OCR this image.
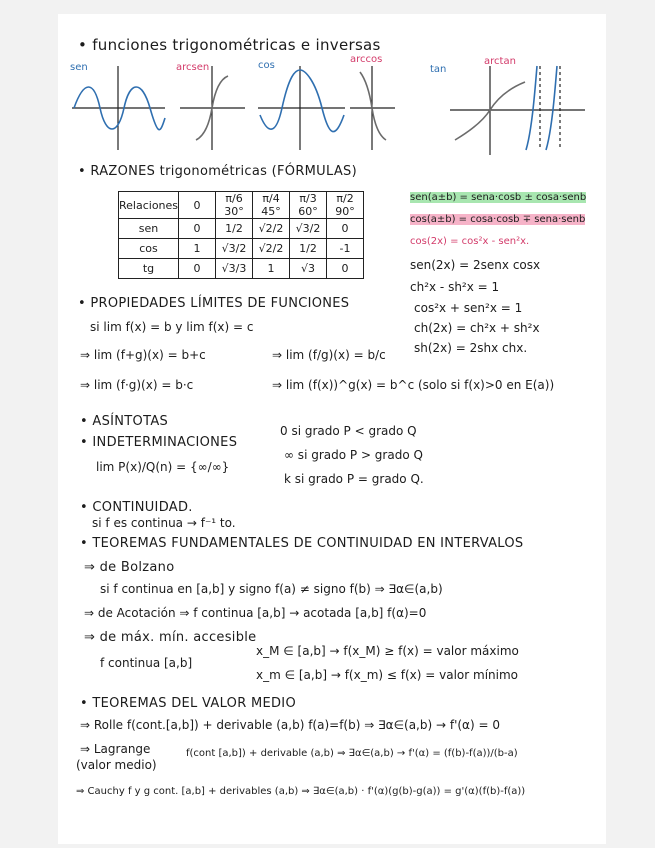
• funciones trigonométricas e inversas
sen	arcsen	cos
arccos
tan
arctan
• RAZONES trigonométricas (FÓRMULAS)
Relaciones	0	π/6 30°	π/4 45°	π/3 60°	π/2 90°
sen	0	1/2	√2/2	√3/2	0
cos	1	√3/2	√2/2	1/2	-1
tg	0	√3/3	1	√3	0
sen(a±b) = sena·cosb ± cosa·senb
cos(a±b) = cosa·cosb ∓ sena·senb
cos(2x) = cos²x - sen²x.
sen(2x) = 2senx cosx
ch²x - sh²x = 1
cos²x + sen²x = 1
ch(2x) = ch²x + sh²x
sh(2x) = 2shx chx.
• PROPIEDADES LÍMITES DE FUNCIONES
si lim f(x) = b y lim f(x) = c
⇒ lim (f+g)(x) = b+c	⇒ lim (f/g)(x) = b/c
⇒ lim (f·g)(x) = b·c	⇒ lim (f(x))^g(x) = b^c (solo si f(x)>0 en E(a))
• ASÍNTOTAS
• INDETERMINACIONES
lim P(x)/Q(n) = {∞/∞}
0 si grado P < grado Q
∞ si grado P > grado Q
k si grado P = grado Q.
• CONTINUIDAD.
si f es continua → f⁻¹ to.
• TEOREMAS FUNDAMENTALES DE CONTINUIDAD EN INTERVALOS
⇒ de Bolzano
si f continua en [a,b] y signo f(a) ≠ signo f(b) ⇒ ∃α∈(a,b)
⇒ de Acotación ⇒ f continua [a,b] → acotada [a,b] f(α)=0
⇒ de máx. mín. accesible
f continua [a,b]
x_M ∈ [a,b] → f(x_M) ≥ f(x) = valor máximo
x_m ∈ [a,b] → f(x_m) ≤ f(x) = valor mínimo
• TEOREMAS DEL VALOR MEDIO
⇒ Rolle f(cont.[a,b]) + derivable (a,b) f(a)=f(b) ⇒ ∃α∈(a,b) → f'(α) = 0
⇒ Lagrange
(valor medio)
f(cont [a,b]) + derivable (a,b) ⇒ ∃α∈(a,b) → f'(α) = (f(b)-f(a))/(b-a)
⇒ Cauchy f y g cont. [a,b] + derivables (a,b) ⇒ ∃α∈(a,b) · f'(α)(g(b)-g(a)) = g'(α)(f(b)-f(a))
